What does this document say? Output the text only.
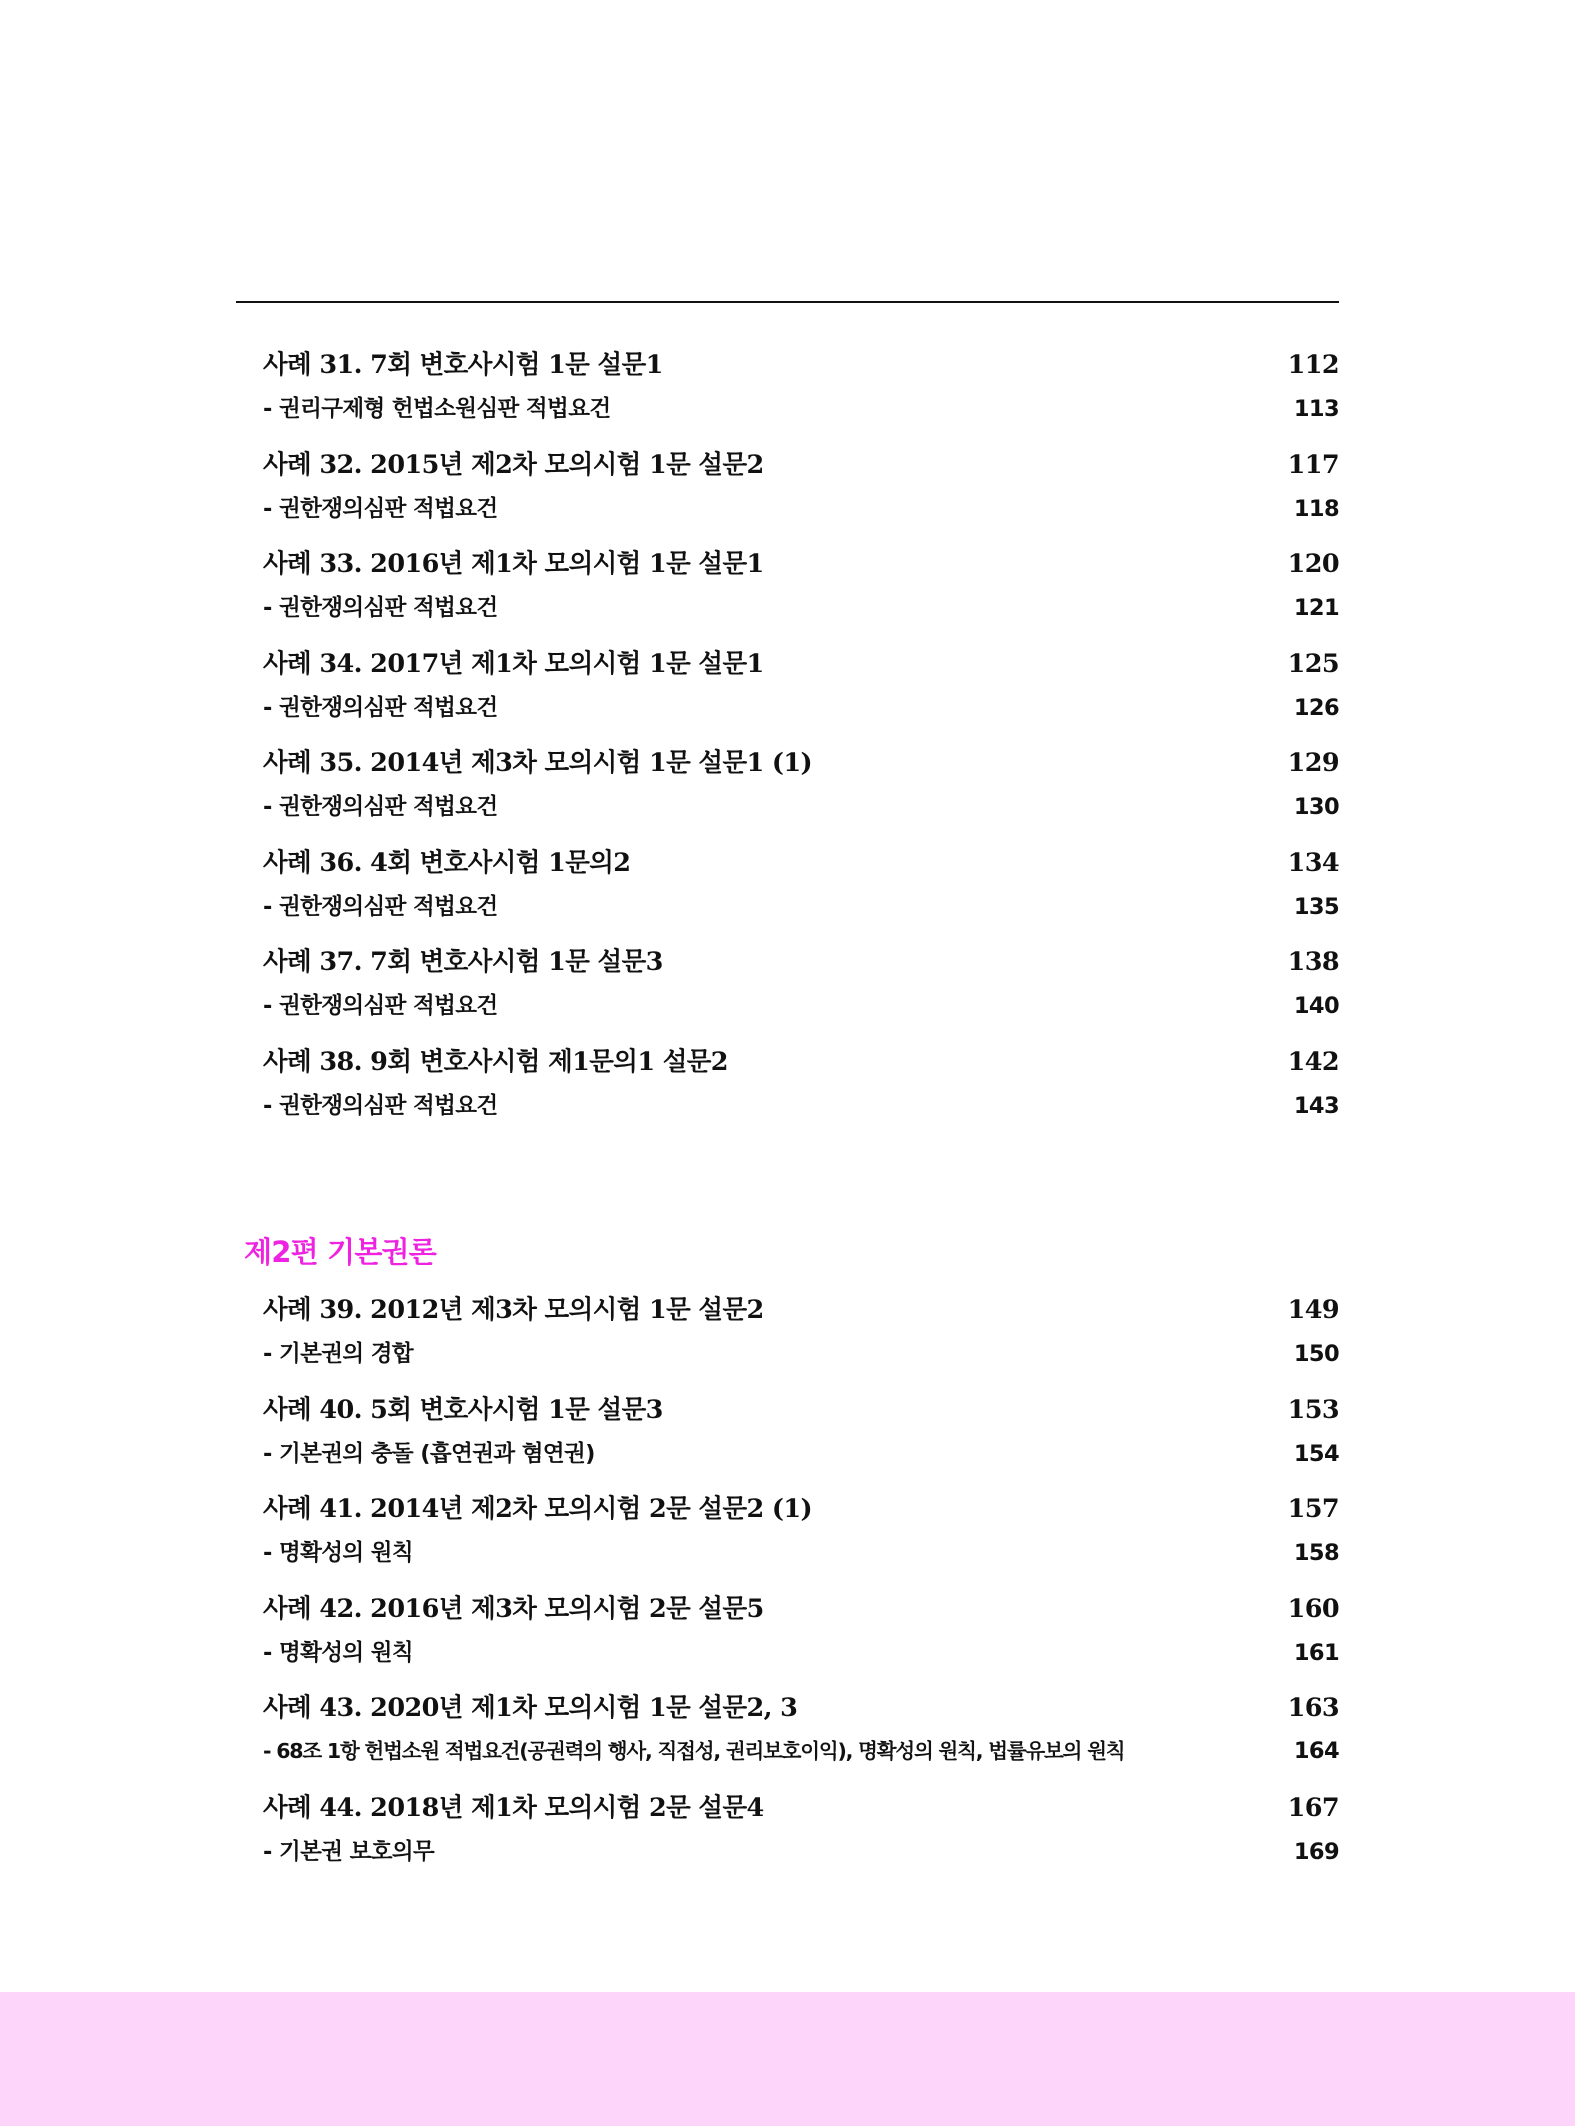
사례 31. 7회 변호사시험 1문 설문1	112
- 권리구제형 헌법소원심판 적법요건	113
사례 32. 2015년 제2차 모의시험 1문 설문2	117
- 권한쟁의심판 적법요건	118
사례 33. 2016년 제1차 모의시험 1문 설문1	120
- 권한쟁의심판 적법요건	121
사례 34. 2017년 제1차 모의시험 1문 설문1	125
- 권한쟁의심판 적법요건	126
사례 35. 2014년 제3차 모의시험 1문 설문1 (1)	129
- 권한쟁의심판 적법요건	130
사례 36. 4회 변호사시험 1문의2	134
- 권한쟁의심판 적법요건	135
사례 37. 7회 변호사시험 1문 설문3	138
- 권한쟁의심판 적법요건	140
사례 38. 9회 변호사시험 제1문의1 설문2	142
- 권한쟁의심판 적법요건	143
제2편 기본권론
사례 39. 2012년 제3차 모의시험 1문 설문2	149
- 기본권의 경합	150
사례 40. 5회 변호사시험 1문 설문3	153
- 기본권의 충돌 (흡연권과 혐연권)	154
사례 41. 2014년 제2차 모의시험 2문 설문2 (1)	157
- 명확성의 원칙	158
사례 42. 2016년 제3차 모의시험 2문 설문5	160
- 명확성의 원칙	161
사례 43. 2020년 제1차 모의시험 1문 설문2, 3	163
- 68조 1항 헌법소원 적법요건(공권력의 행사, 직접성, 권리보호이익), 명확성의 원칙, 법률유보의 원칙	164
사례 44. 2018년 제1차 모의시험 2문 설문4	167
- 기본권 보호의무	169
